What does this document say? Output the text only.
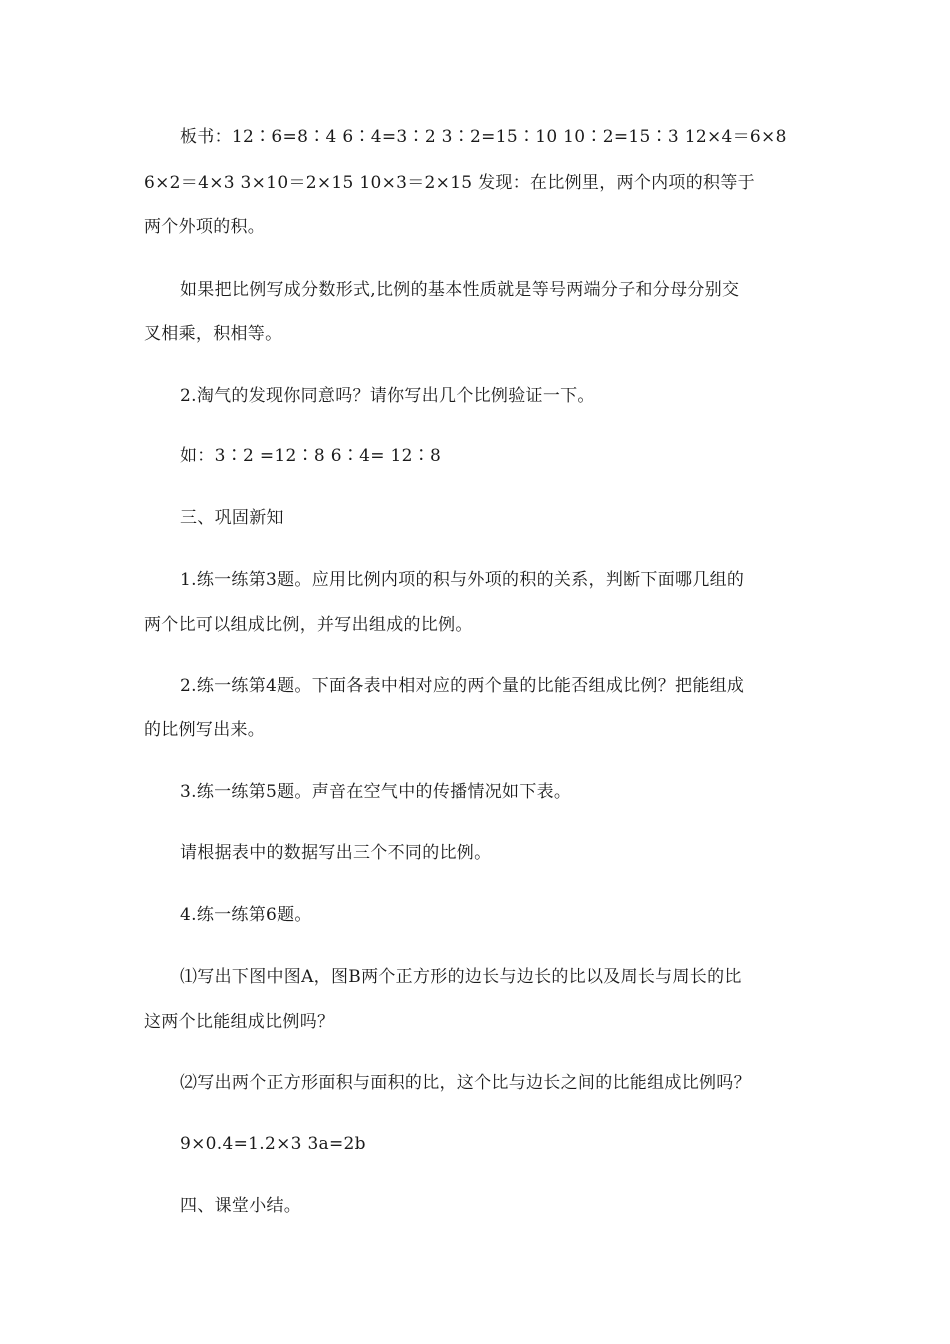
板书：12∶6=8∶4 6∶4=3∶2 3∶2=15∶10 10∶2=15∶3 12×4＝6×8
6×2＝4×3 3×10＝2×15 10×3＝2×15 发现：在比例里，两个内项的积等于
两个外项的积。
如果把比例写成分数形式,比例的基本性质就是等号两端分子和分母分别交
叉相乘，积相等。
2.淘气的发现你同意吗？请你写出几个比例验证一下。
如：3∶2 =12∶8 6∶4= 12∶8
三、巩固新知
1.练一练第3题。应用比例内项的积与外项的积的关系，判断下面哪几组的
两个比可以组成比例，并写出组成的比例。
2.练一练第4题。下面各表中相对应的两个量的比能否组成比例？把能组成
的比例写出来。
3.练一练第5题。声音在空气中的传播情况如下表。
请根据表中的数据写出三个不同的比例。
4.练一练第6题。
⑴写出下图中图A，图B两个正方形的边长与边长的比以及周长与周长的比
这两个比能组成比例吗？
⑵写出两个正方形面积与面积的比，这个比与边长之间的比能组成比例吗？
9×0.4=1.2×3 3a=2b
四、课堂小结。
